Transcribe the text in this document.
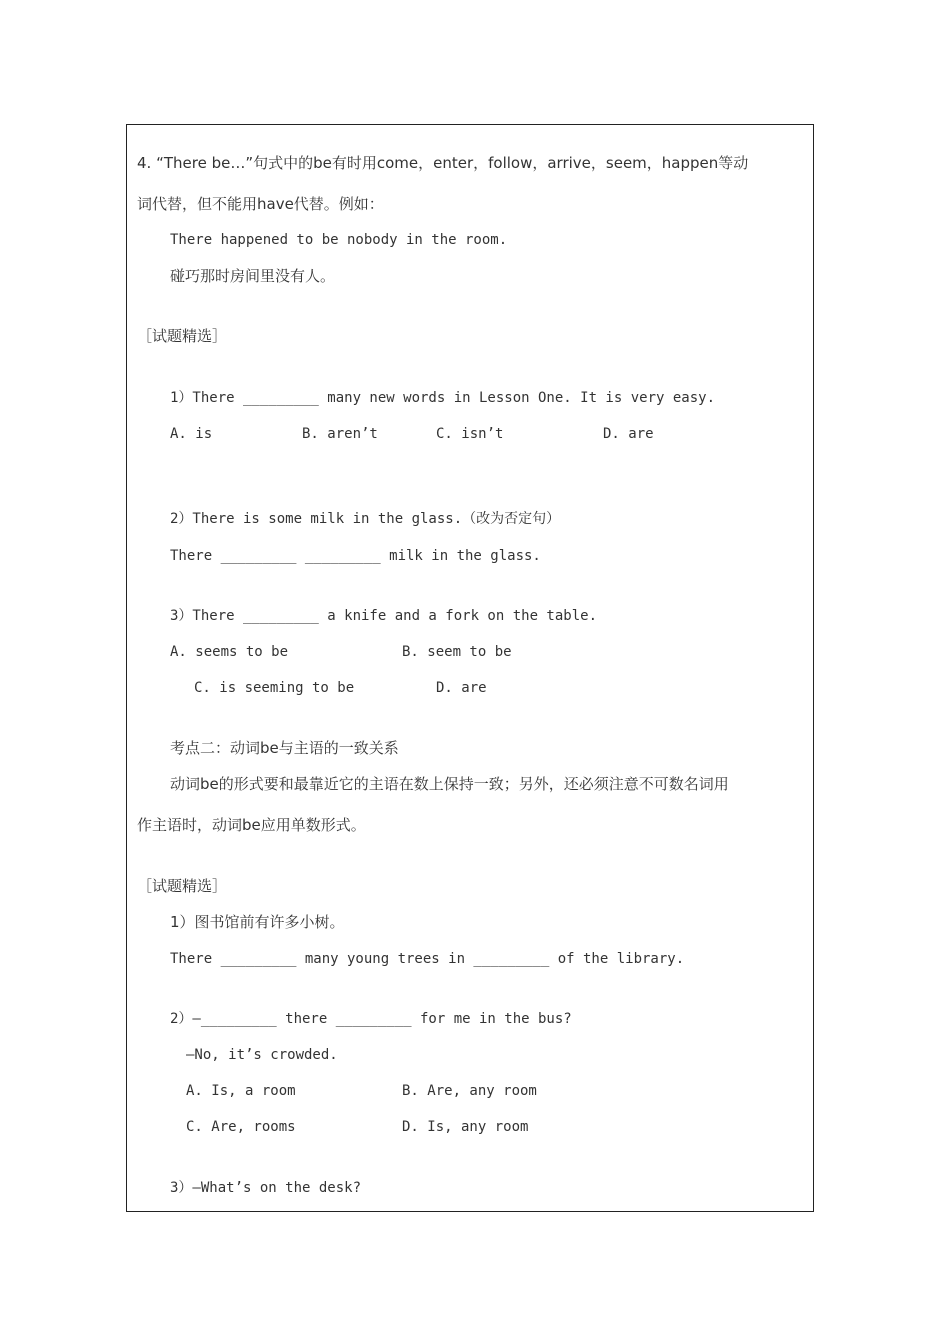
4. “There be…”句式中的be有时用come，enter，follow，arrive，seem，happen等动
词代替，但不能用have代替。例如：
There happened to be nobody in the room.
碰巧那时房间里没有人。
［试题精选］
1）There _________ many new words in Lesson One. It is very easy.
A. is	B. aren’t	C. isn’t	D. are
2）There is some milk in the glass.（改为否定句）
There _________ _________ milk in the glass.
3）There _________ a knife and a fork on the table.
A. seems to be	B. seem to be
C. is seeming to be	D. are
考点二：动词be与主语的一致关系
动词be的形式要和最靠近它的主语在数上保持一致；另外，还必须注意不可数名词用
作主语时，动词be应用单数形式。
［试题精选］
1）图书馆前有许多小树。
There _________ many young trees in _________ of the library.
2）—_________ there _________ for me in the bus?
—No, it’s crowded.
A. Is, a room	B. Are, any room
C. Are, rooms	D. Is, any room
3）—What’s on the desk?
